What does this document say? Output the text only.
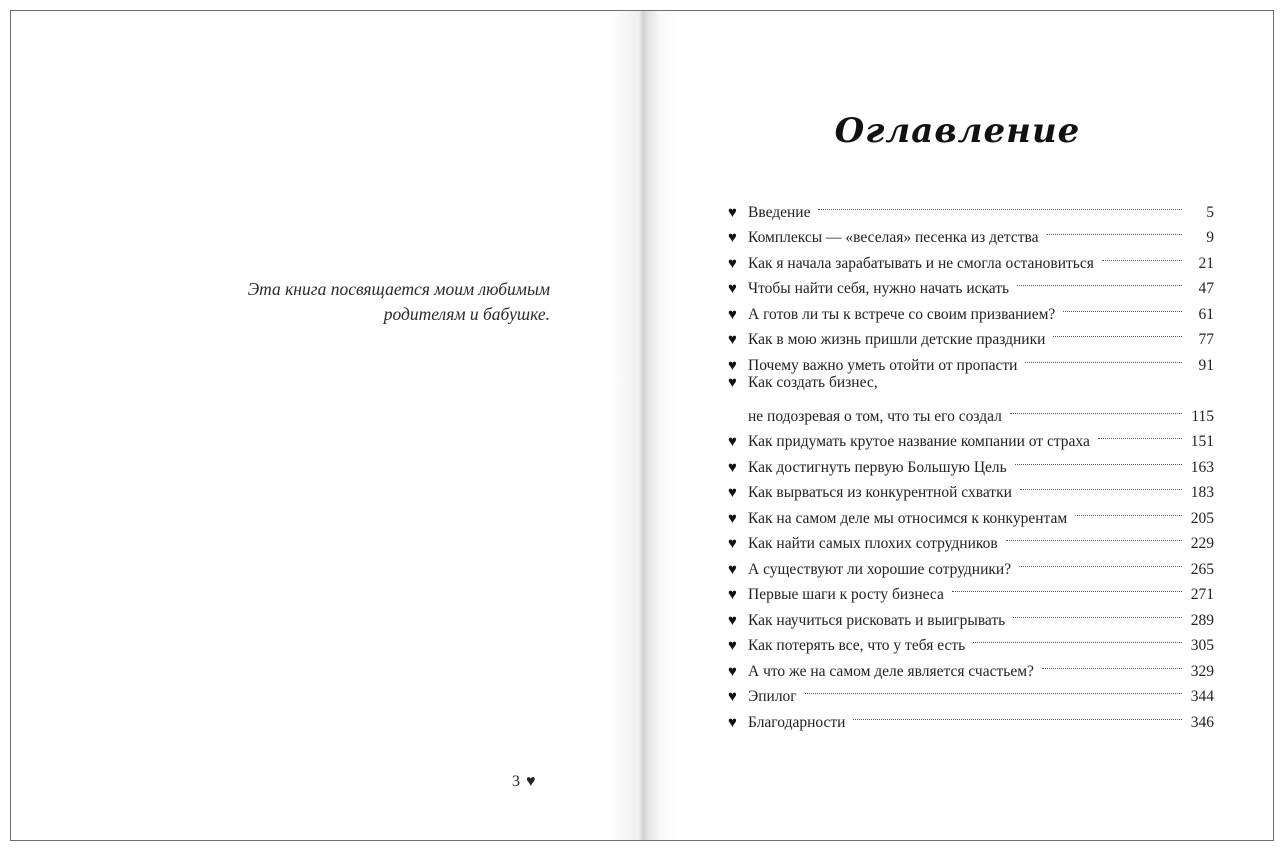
Эта книга посвящается моим любимым
родителям и бабушке.
3 ♥
Оглавление
♥ Введение	5
♥ Комплексы — «веселая» песенка из детства	9
♥ Как я начала зарабатывать и не смогла остановиться	21
♥ Чтобы найти себя, нужно начать искать	47
♥ А готов ли ты к встрече со своим призванием?	61
♥ Как в мою жизнь пришли детские праздники	77
♥ Почему важно уметь отойти от пропасти	91
♥ Как создать бизнес,
не подозревая о том, что ты его создал	115
♥ Как придумать крутое название компании от страха	151
♥ Как достигнуть первую Большую Цель	163
♥ Как вырваться из конкурентной схватки	183
♥ Как на самом деле мы относимся к конкурентам	205
♥ Как найти самых плохих сотрудников	229
♥ А существуют ли хорошие сотрудники?	265
♥ Первые шаги к росту бизнеса	271
♥ Как научиться рисковать и выигрывать	289
♥ Как потерять все, что у тебя есть	305
♥ А что же на самом деле является счастьем?	329
♥ Эпилог	344
♥ Благодарности	346
